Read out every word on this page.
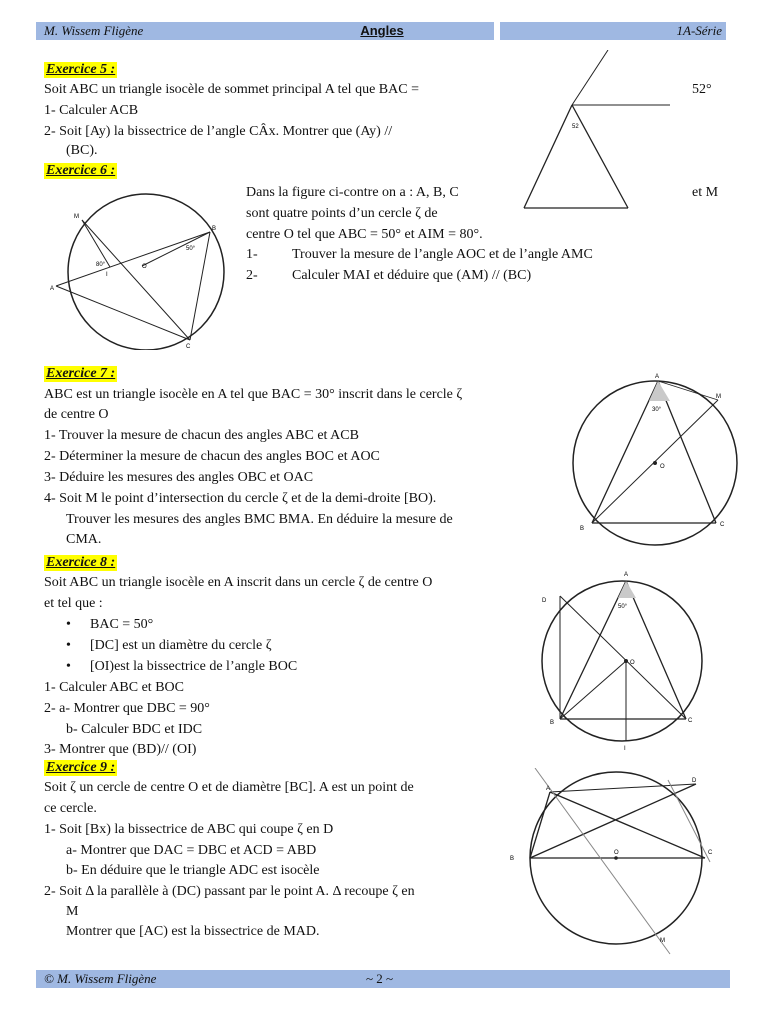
M. Wissem Fligène	Angles	1A-Série
Exercice 5 :
Soit ABC un triangle isocèle de sommet principal A tel que BAC =	52°
1- Calculer ACB
2- Soit [Ay) la bissectrice de l’angle CÂx. Montrer que (Ay) //
(BC).
52
Exercice 6 :
Dans la figure ci-contre on a : A, B, C	et M
sont quatre points d’un cercle ζ de
centre O tel que ABC = 50° et AIM = 80°.
1- Trouver la mesure de l’angle AOC et de l’angle AMC
2- Calculer MAI et déduire que (AM) // (BC)
M
B
A
C
I
O
80°
50°
Exercice 7 :
ABC est un triangle isocèle en A tel que BAC = 30° inscrit dans le cercle ζ
de centre O
1- Trouver la mesure de chacun des angles ABC et ACB
2- Déterminer la mesure de chacun des angles BOC et AOC
3- Déduire les mesures des angles OBC et OAC
4- Soit M le point d’intersection du cercle ζ et de la demi-droite [BO).
Trouver les mesures des angles BMC BMA. En déduire la mesure de
CMA.
A
M
O
B
C
30°
Exercice 8 :
Soit ABC un triangle isocèle en A inscrit dans un cercle ζ de centre O
et tel que :
• BAC = 50°
• [DC] est un diamètre du cercle ζ
• [OI)est la bissectrice de l’angle BOC
1- Calculer ABC et BOC
2- a- Montrer que DBC = 90°
b- Calculer BDC et IDC
3- Montrer que (BD)// (OI)
A
D
O
B	C
I
50°
Exercice 9 :
Soit ζ un cercle de centre O et de diamètre [BC]. A est un point de
ce cercle.
1- Soit [Bx) la bissectrice de ABC qui coupe ζ en D
a- Montrer que DAC = DBC et ACD = ABD
b- En déduire que le triangle ADC est isocèle
2- Soit Δ la parallèle à (DC) passant par le point A. Δ recoupe ζ en
M
Montrer que [AC) est la bissectrice de MAD.
A
D
B
O	C
M
© M. Wissem Fligène	~ 2 ~
